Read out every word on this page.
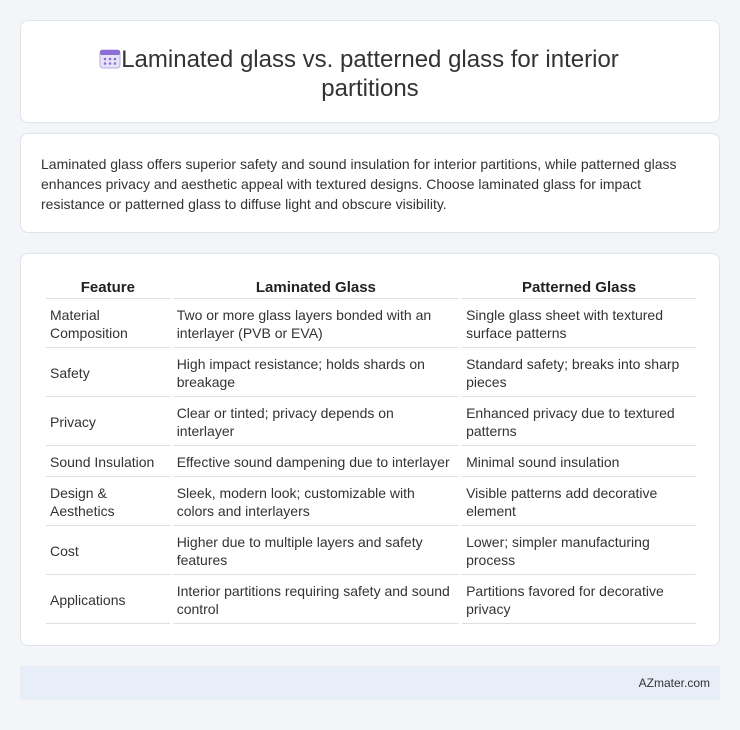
Laminated glass vs. patterned glass for interior partitions

Laminated glass offers superior safety and sound insulation for interior partitions, while patterned glass enhances privacy and aesthetic appeal with textured designs. Choose laminated glass for impact resistance or patterned glass to diffuse light and obscure visibility.

Feature	Laminated Glass	Patterned Glass
Material Composition	Two or more glass layers bonded with an interlayer (PVB or EVA)	Single glass sheet with textured surface patterns
Safety	High impact resistance; holds shards on breakage	Standard safety; breaks into sharp pieces
Privacy	Clear or tinted; privacy depends on interlayer	Enhanced privacy due to textured patterns
Sound Insulation	Effective sound dampening due to interlayer	Minimal sound insulation
Design & Aesthetics	Sleek, modern look; customizable with colors and interlayers	Visible patterns add decorative element
Cost	Higher due to multiple layers and safety features	Lower; simpler manufacturing process
Applications	Interior partitions requiring safety and sound control	Partitions favored for decorative privacy
AZmater.com
